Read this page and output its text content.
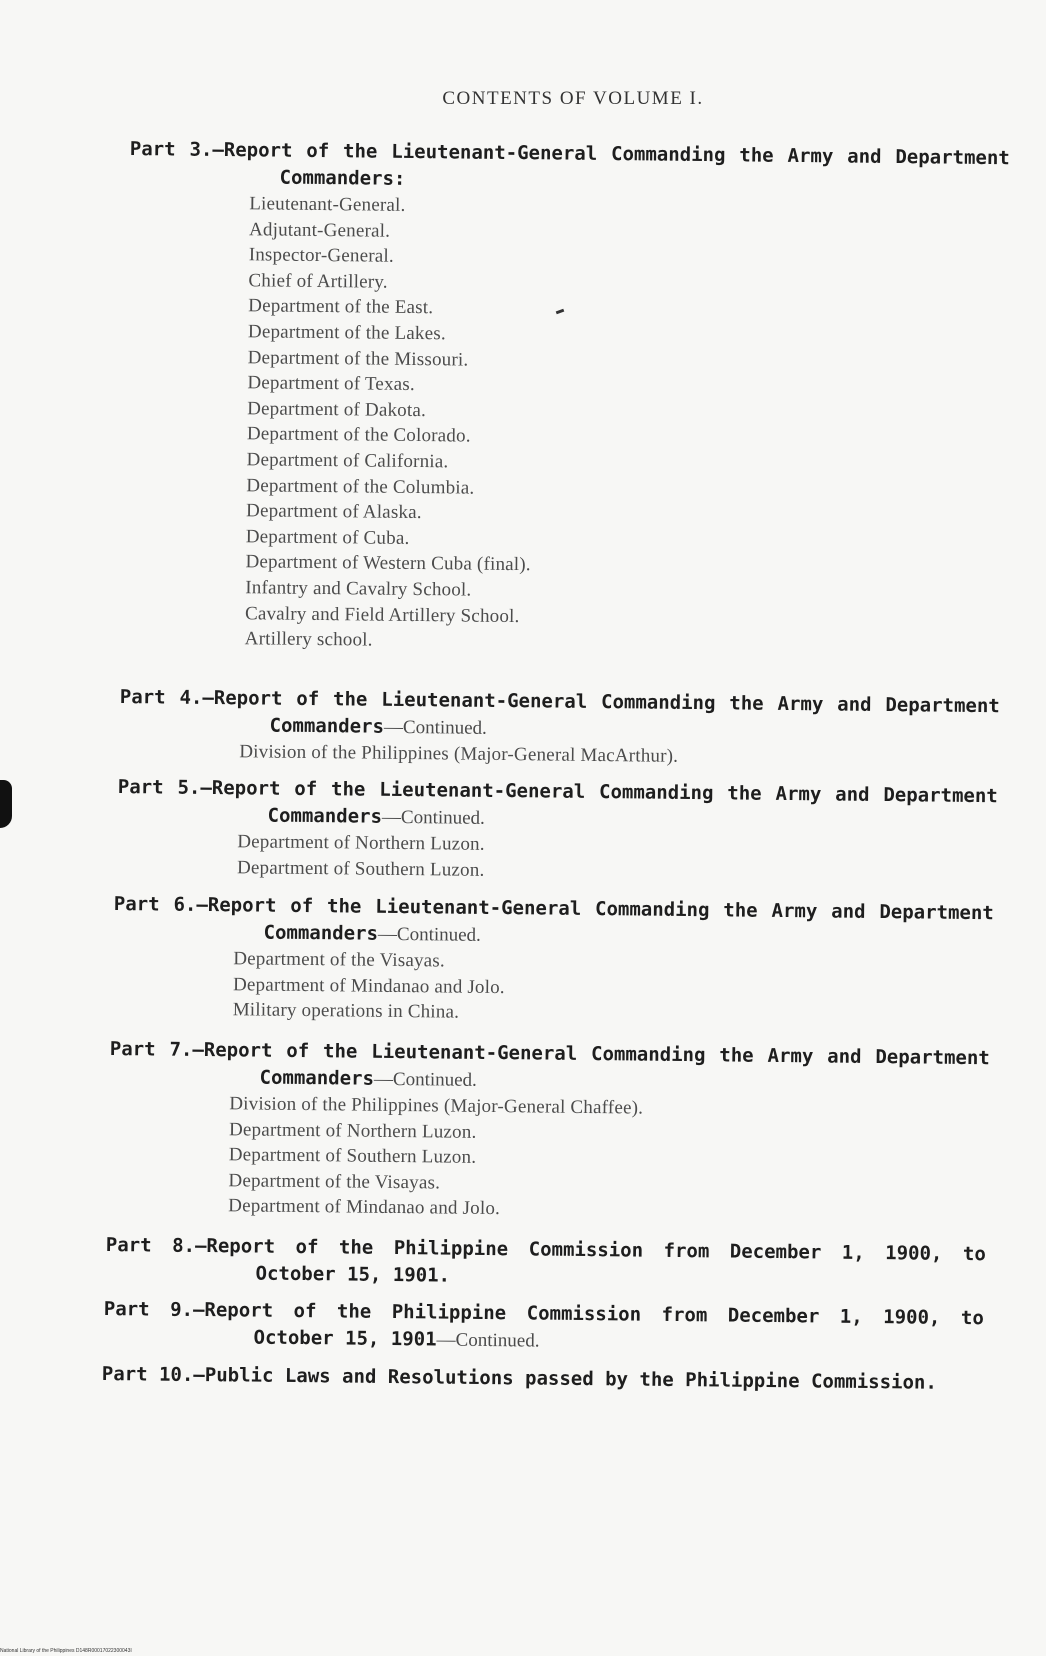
CONTENTS OF VOLUME I.
Part 3.—Report of the Lieutenant-General Commanding the Army and Department Commanders:
Lieutenant-General.
Adjutant-General.
Inspector-General.
Chief of Artillery.
Department of the East.
Department of the Lakes.
Department of the Missouri.
Department of Texas.
Department of Dakota.
Department of the Colorado.
Department of California.
Department of the Columbia.
Department of Alaska.
Department of Cuba.
Department of Western Cuba (final).
Infantry and Cavalry School.
Cavalry and Field Artillery School.
Artillery school.
Part 4.—Report of the Lieutenant-General Commanding the Army and Department Commanders—Continued.
Division of the Philippines (Major-General MacArthur).
Part 5.—Report of the Lieutenant-General Commanding the Army and Department Commanders—Continued.
Department of Northern Luzon.
Department of Southern Luzon.
Part 6.—Report of the Lieutenant-General Commanding the Army and Department Commanders—Continued.
Department of the Visayas.
Department of Mindanao and Jolo.
Military operations in China.
Part 7.—Report of the Lieutenant-General Commanding the Army and Department Commanders—Continued.
Division of the Philippines (Major-General Chaffee).
Department of Northern Luzon.
Department of Southern Luzon.
Department of the Visayas.
Department of Mindanao and Jolo.
Part 8.—Report of the Philippine Commission from December 1, 1900, to October 15, 1901.
Part 9.—Report of the Philippine Commission from December 1, 1900, to October 15, 1901—Continued.
Part 10.—Public Laws and Resolutions passed by the Philippine Commission.
National Library of the Philippines D148R00017022300043I
